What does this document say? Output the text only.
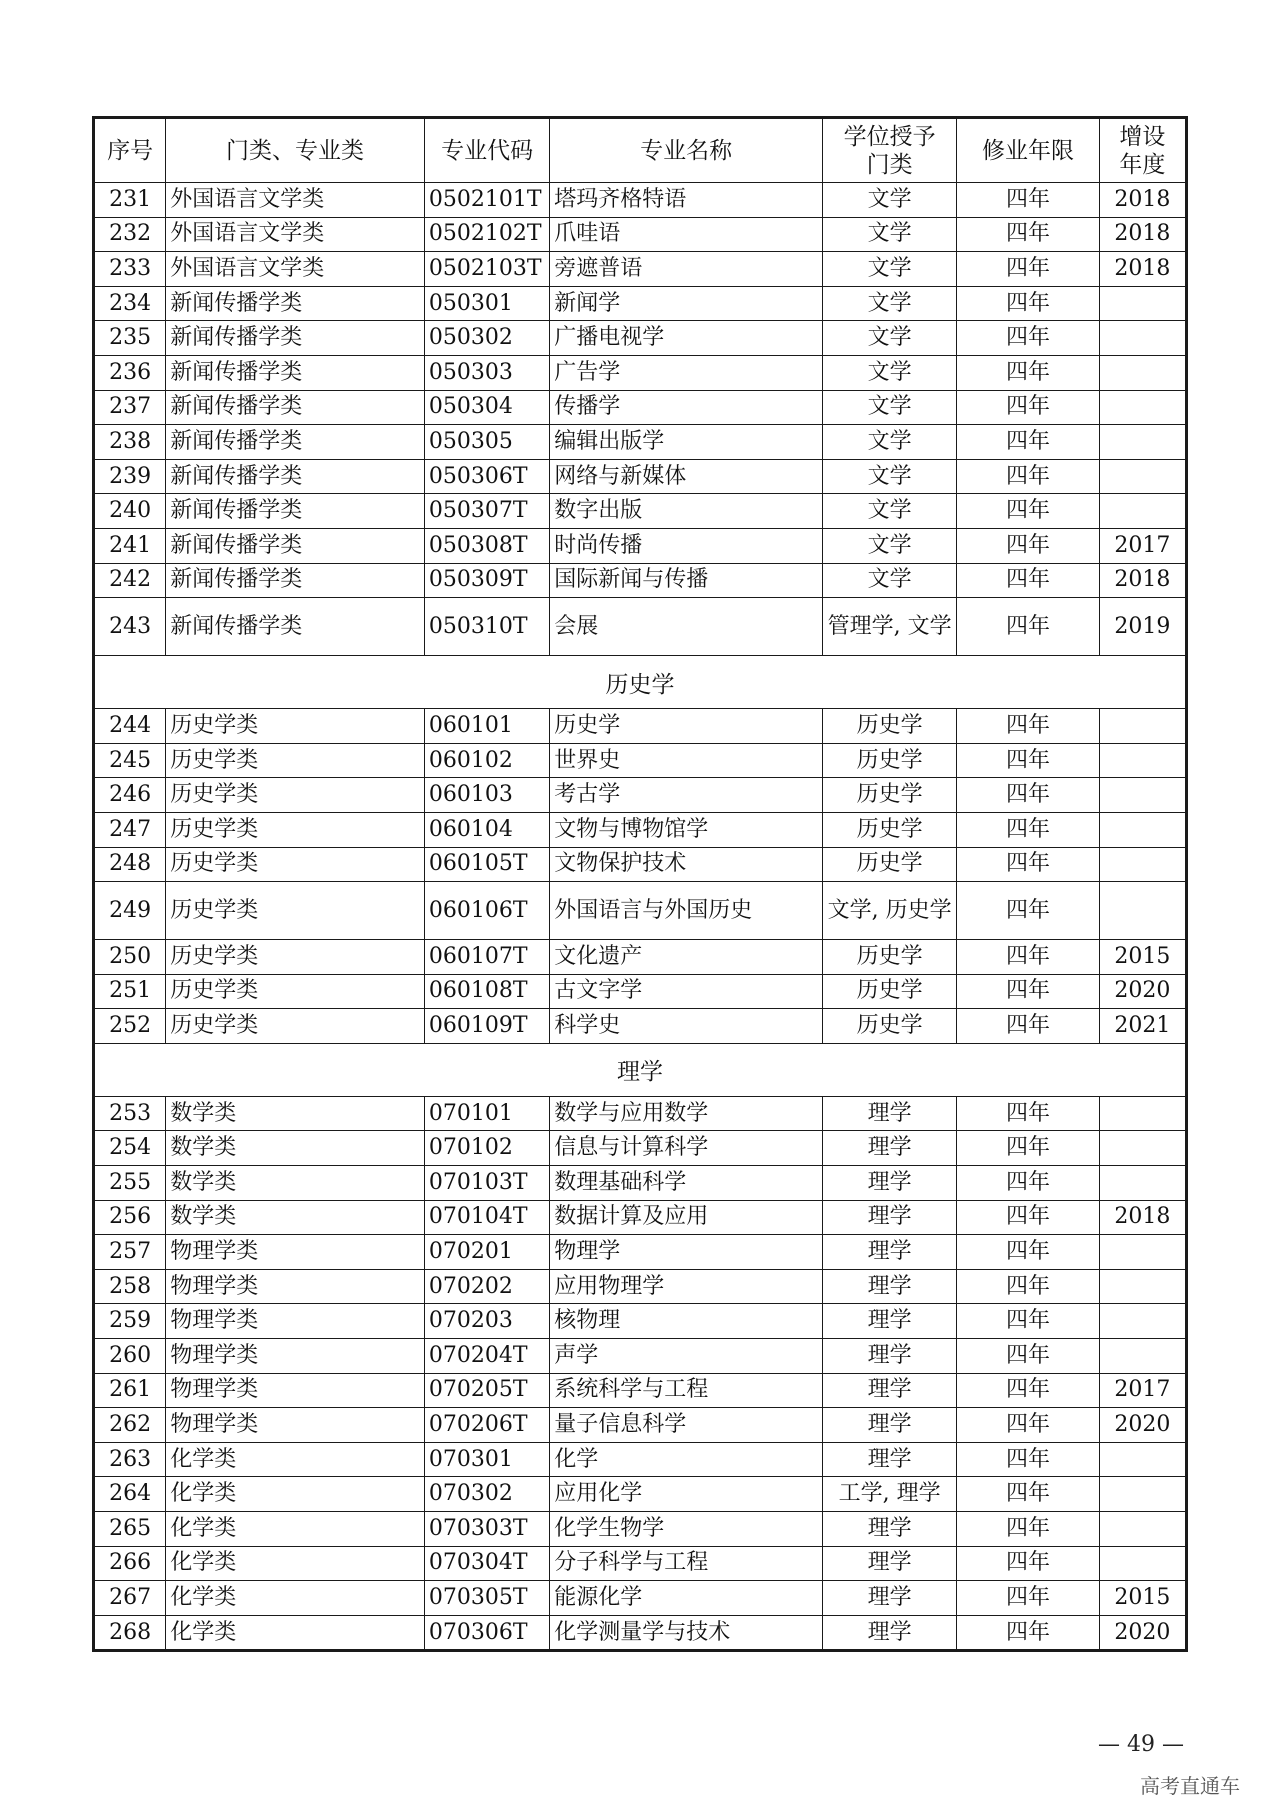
序号	门类、专业类	专业代码	专业名称	学位授予门类	修业年限	增设年度
231	外国语言文学类	0502101T	塔玛齐格特语	文学	四年	2018
232	外国语言文学类	0502102T	爪哇语	文学	四年	2018
233	外国语言文学类	0502103T	旁遮普语	文学	四年	2018
234	新闻传播学类	050301	新闻学	文学	四年	
235	新闻传播学类	050302	广播电视学	文学	四年	
236	新闻传播学类	050303	广告学	文学	四年	
237	新闻传播学类	050304	传播学	文学	四年	
238	新闻传播学类	050305	编辑出版学	文学	四年	
239	新闻传播学类	050306T	网络与新媒体	文学	四年	
240	新闻传播学类	050307T	数字出版	文学	四年	
241	新闻传播学类	050308T	时尚传播	文学	四年	2017
242	新闻传播学类	050309T	国际新闻与传播	文学	四年	2018
243	新闻传播学类	050310T	会展	管理学, 文学	四年	2019
历史学						
244	历史学类	060101	历史学	历史学	四年	
245	历史学类	060102	世界史	历史学	四年	
246	历史学类	060103	考古学	历史学	四年	
247	历史学类	060104	文物与博物馆学	历史学	四年	
248	历史学类	060105T	文物保护技术	历史学	四年	
249	历史学类	060106T	外国语言与外国历史	文学, 历史学	四年	
250	历史学类	060107T	文化遗产	历史学	四年	2015
251	历史学类	060108T	古文字学	历史学	四年	2020
252	历史学类	060109T	科学史	历史学	四年	2021
理学						
253	数学类	070101	数学与应用数学	理学	四年	
254	数学类	070102	信息与计算科学	理学	四年	
255	数学类	070103T	数理基础科学	理学	四年	
256	数学类	070104T	数据计算及应用	理学	四年	2018
257	物理学类	070201	物理学	理学	四年	
258	物理学类	070202	应用物理学	理学	四年	
259	物理学类	070203	核物理	理学	四年	
260	物理学类	070204T	声学	理学	四年	
261	物理学类	070205T	系统科学与工程	理学	四年	2017
262	物理学类	070206T	量子信息科学	理学	四年	2020
263	化学类	070301	化学	理学	四年	
264	化学类	070302	应用化学	工学, 理学	四年	
265	化学类	070303T	化学生物学	理学	四年	
266	化学类	070304T	分子科学与工程	理学	四年	
267	化学类	070305T	能源化学	理学	四年	2015
268	化学类	070306T	化学测量学与技术	理学	四年	2020
— 49 —
高考直通车
